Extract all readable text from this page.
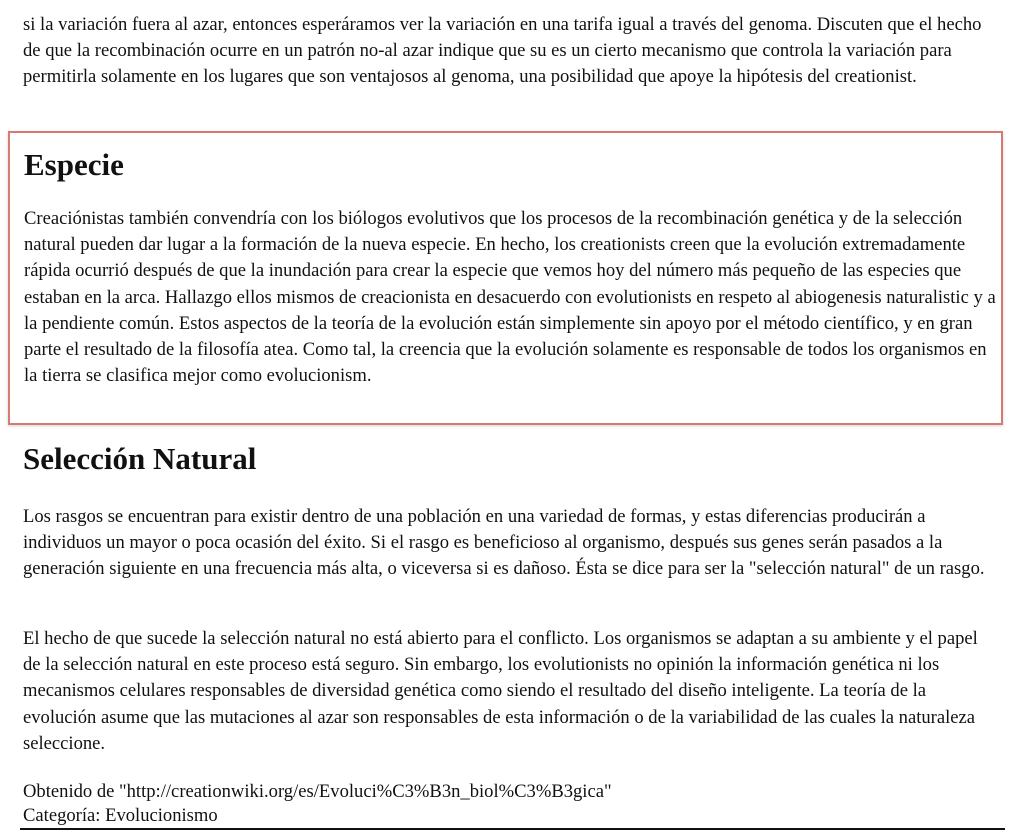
si la variación fuera al azar, entonces esperáramos ver la variación en una tarifa igual a través del genoma. Discuten que el hecho de que la recombinación ocurre en un patrón no-al azar indique que su es un cierto mecanismo que controla la variación para permitirla solamente en los lugares que son ventajosos al genoma, una posibilidad que apoye la hipótesis del creationist.

Especie

Creaciónistas también convendría con los biólogos evolutivos que los procesos de la recombinación genética y de la selección natural pueden dar lugar a la formación de la nueva especie. En hecho, los creationists creen que la evolución extremadamente rápida ocurrió después de que la inundación para crear la especie que vemos hoy del número más pequeño de las especies que estaban en la arca. Hallazgo ellos mismos de creacionista en desacuerdo con evolutionists en respeto al abiogenesis naturalistic y a la pendiente común. Estos aspectos de la teoría de la evolución están simplemente sin apoyo por el método científico, y en gran parte el resultado de la filosofía atea. Como tal, la creencia que la evolución solamente es responsable de todos los organismos en la tierra se clasifica mejor como evolucionism.

Selección Natural

Los rasgos se encuentran para existir dentro de una población en una variedad de formas, y estas diferencias producirán a individuos un mayor o poca ocasión del éxito. Si el rasgo es beneficioso al organismo, después sus genes serán pasados a la generación siguiente en una frecuencia más alta, o viceversa si es dañoso. Ésta se dice para ser la "selección natural" de un rasgo.

El hecho de que sucede la selección natural no está abierto para el conflicto. Los organismos se adaptan a su ambiente y el papel de la selección natural en este proceso está seguro. Sin embargo, los evolutionists no opinión la información genética ni los mecanismos celulares responsables de diversidad genética como siendo el resultado del diseño inteligente. La teoría de la evolución asume que las mutaciones al azar son responsables de esta información o de la variabilidad de las cuales la naturaleza seleccione.

Obtenido de "http://creationwiki.org/es/Evoluci%C3%B3n_biol%C3%B3gica"
Categoría: Evolucionismo
